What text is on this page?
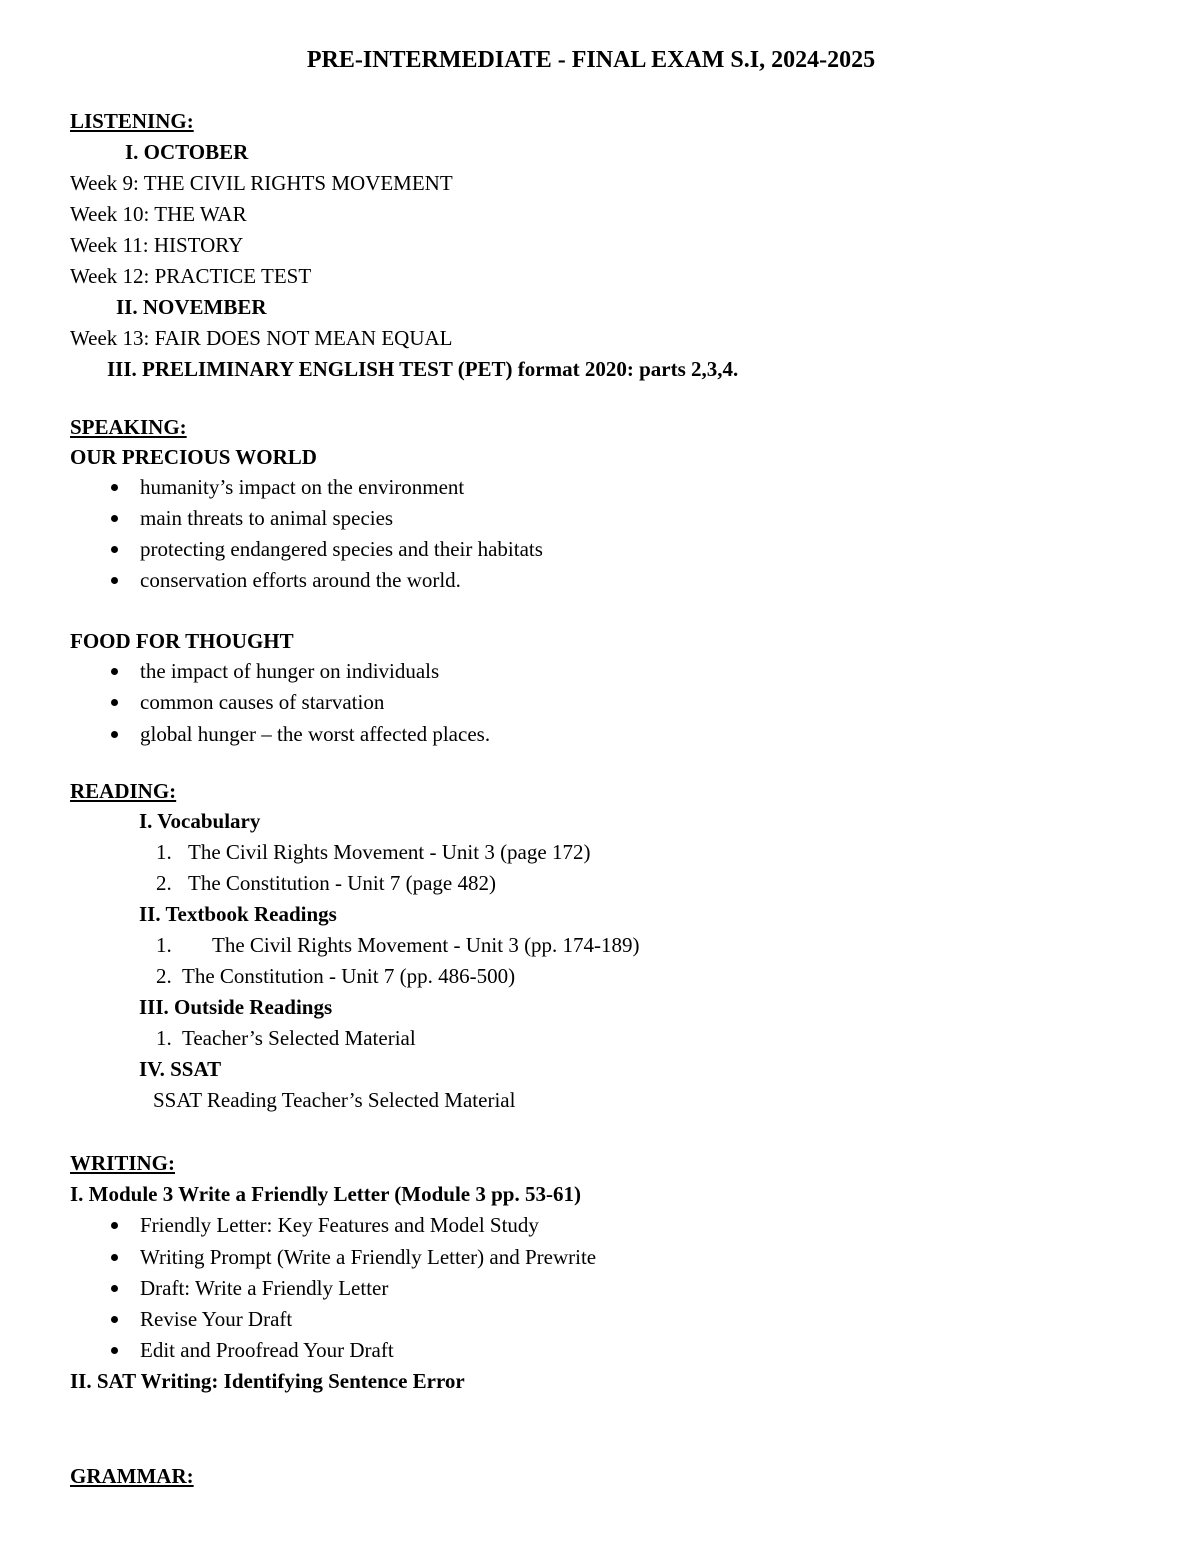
PRE-INTERMEDIATE - FINAL EXAM S.I, 2024-2025
LISTENING:
I. OCTOBER
Week 9: THE CIVIL RIGHTS MOVEMENT
Week 10: THE WAR
Week 11: HISTORY
Week 12: PRACTICE TEST
II. NOVEMBER
Week 13: FAIR DOES NOT MEAN EQUAL
III. PRELIMINARY ENGLISH TEST (PET) format 2020: parts 2,3,4.
SPEAKING:
OUR PRECIOUS WORLD
humanity’s impact on the environment
main threats to animal species
protecting endangered species and their habitats
conservation efforts around the world.
FOOD FOR THOUGHT
the impact of hunger on individuals
common causes of starvation
global hunger – the worst affected places.
READING:
I. Vocabulary
1. The Civil Rights Movement - Unit 3 (page 172)
2. The Constitution - Unit 7 (page 482)
II. Textbook Readings
1. The Civil Rights Movement - Unit 3 (pp. 174-189)
2. The Constitution - Unit 7 (pp. 486-500)
III. Outside Readings
1. Teacher’s Selected Material
IV. SSAT
SSAT Reading Teacher’s Selected Material
WRITING:
I. Module 3 Write a Friendly Letter (Module 3 pp. 53-61)
Friendly Letter: Key Features and Model Study
Writing Prompt (Write a Friendly Letter) and Prewrite
Draft: Write a Friendly Letter
Revise Your Draft
Edit and Proofread Your Draft
II. SAT Writing: Identifying Sentence Error
GRAMMAR:
